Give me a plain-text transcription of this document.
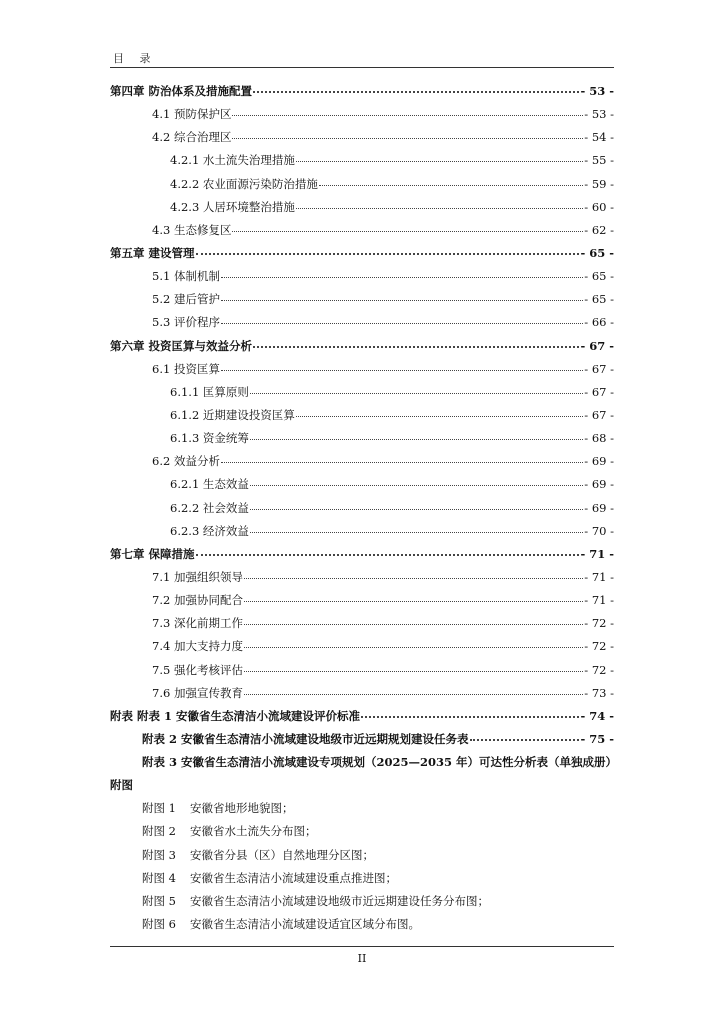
目 录
第四章 防治体系及措施配置	- 53 -
4.1 预防保护区	- 53 -
4.2 综合治理区	- 54 -
4.2.1 水土流失治理措施	- 55 -
4.2.2 农业面源污染防治措施	- 59 -
4.2.3 人居环境整治措施	- 60 -
4.3 生态修复区	- 62 -
第五章 建设管理	- 65 -
5.1 体制机制	- 65 -
5.2 建后管护	- 65 -
5.3 评价程序	- 66 -
第六章 投资匡算与效益分析	- 67 -
6.1 投资匡算	- 67 -
6.1.1 匡算原则	- 67 -
6.1.2 近期建设投资匡算	- 67 -
6.1.3 资金统筹	- 68 -
6.2 效益分析	- 69 -
6.2.1 生态效益	- 69 -
6.2.2 社会效益	- 69 -
6.2.3 经济效益	- 70 -
第七章 保障措施	- 71 -
7.1 加强组织领导	- 71 -
7.2 加强协同配合	- 71 -
7.3 深化前期工作	- 72 -
7.4 加大支持力度	- 72 -
7.5 强化考核评估	- 72 -
7.6 加强宣传教育	- 73 -
附表 附表 1 安徽省生态清洁小流域建设评价标准	- 74 -
附表 2 安徽省生态清洁小流域建设地级市近远期规划建设任务表	- 75 -
附表 3 安徽省生态清洁小流域建设专项规划（2025—2035 年）可达性分析表（单独成册）
附图
附图 1 安徽省地形地貌图；
附图 2 安徽省水土流失分布图；
附图 3 安徽省分县（区）自然地理分区图；
附图 4 安徽省生态清洁小流域建设重点推进图；
附图 5 安徽省生态清洁小流域建设地级市近远期建设任务分布图；
附图 6 安徽省生态清洁小流域建设适宜区域分布图。
II
